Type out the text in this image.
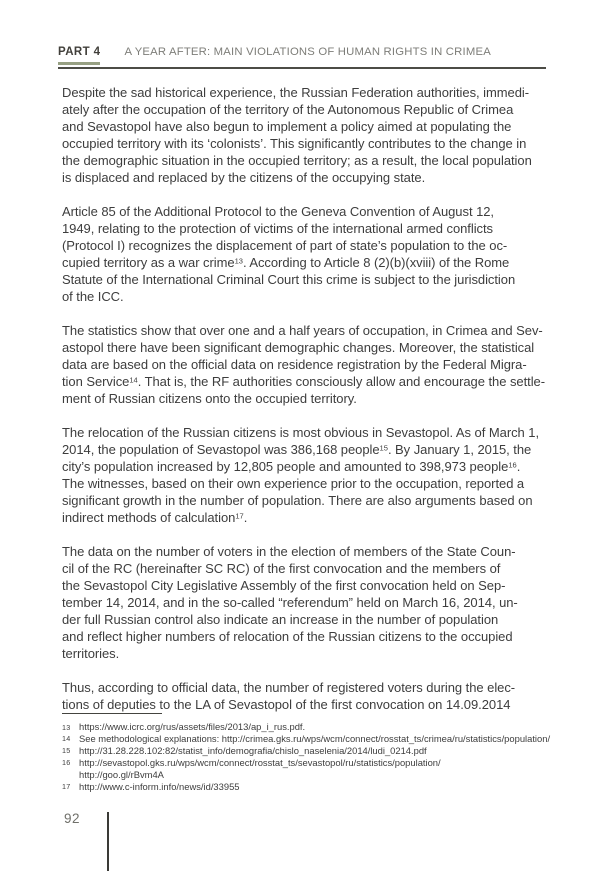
PART 4 A YEAR AFTER: MAIN VIOLATIONS OF HUMAN RIGHTS IN CRIMEA
Despite the sad historical experience, the Russian Federation authorities, immedi-
ately after the occupation of the territory of the Autonomous Republic of Crimea
and Sevastopol have also begun to implement a policy aimed at populating the
occupied territory with its ‘colonists’. This significantly contributes to the change in
the demographic situation in the occupied territory; as a result, the local population
is displaced and replaced by the citizens of the occupying state.
Article 85 of the Additional Protocol to the Geneva Convention of August 12,
1949, relating to the protection of victims of the international armed conflicts
(Protocol I) recognizes the displacement of part of state’s population to the oc-
cupied territory as a war crime$^{13}$. According to Article 8 (2)(b)(xviii) of the Rome
Statute of the International Criminal Court this crime is subject to the jurisdiction
of the ICC.
The statistics show that over one and a half years of occupation, in Crimea and Sev-
astopol there have been significant demographic changes. Moreover, the statistical
data are based on the official data on residence registration by the Federal Migra-
tion Service$^{14}$. That is, the RF authorities consciously allow and encourage the settle-
ment of Russian citizens onto the occupied territory.
The relocation of the Russian citizens is most obvious in Sevastopol. As of March 1,
2014, the population of Sevastopol was 386,168 people$^{15}$. By January 1, 2015, the
city’s population increased by 12,805 people and amounted to 398,973 people$^{16}$.
The witnesses, based on their own experience prior to the occupation, reported a
significant growth in the number of population. There are also arguments based on
indirect methods of calculation$^{17}$.
The data on the number of voters in the election of members of the State Coun-
cil of the RC (hereinafter SC RC) of the first convocation and the members of
the Sevastopol City Legislative Assembly of the first convocation held on Sep-
tember 14, 2014, and in the so-called “referendum” held on March 16, 2014, un-
der full Russian control also indicate an increase in the number of population
and reflect higher numbers of relocation of the Russian citizens to the occupied
territories.
Thus, according to official data, the number of registered voters during the elec-
tions of deputies to the LA of Sevastopol of the first convocation on 14.09.2014
13 https://www.icrc.org/rus/assets/files/2013/ap_i_rus.pdf.
14 See methodological explanations: http://crimea.gks.ru/wps/wcm/connect/rosstat_ts/crimea/ru/statistics/population/
15 http://31.28.228.102:82/statist_info/demografia/chislo_naselenia/2014/ludi_0214.pdf
16 http://sevastopol.gks.ru/wps/wcm/connect/rosstat_ts/sevastopol/ru/statistics/population/
http://goo.gl/rBvm4A
17 http://www.c-inform.info/news/id/33955
92
